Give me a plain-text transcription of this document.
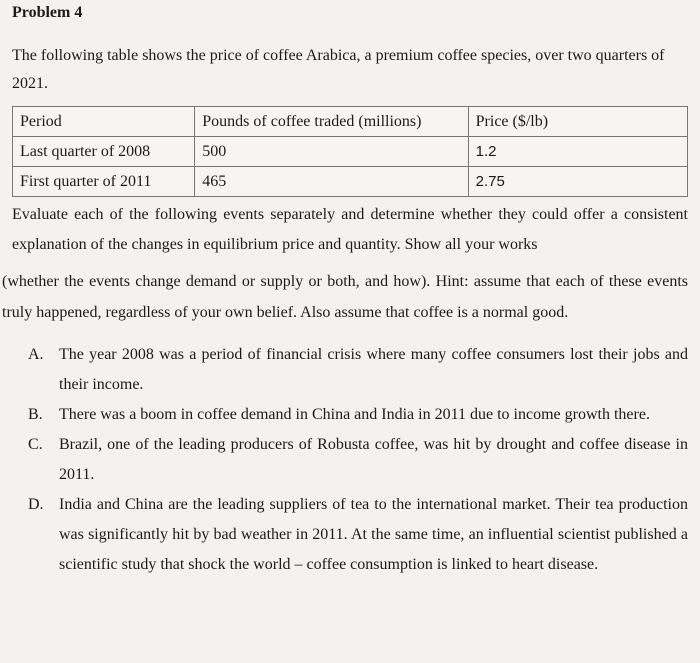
Problem 4
The following table shows the price of coffee Arabica, a premium coffee species, over two quarters of 2021.
Period	Pounds of coffee traded (millions)	Price ($/lb)
Last quarter of 2008	500	1.2
First quarter of 2011	465	2.75
Evaluate each of the following events separately and determine whether they could offer a consistent explanation of the changes in equilibrium price and quantity. Show all your works
(whether the events change demand or supply or both, and how). Hint: assume that each of these events truly happened, regardless of your own belief. Also assume that coffee is a normal good.
A. The year 2008 was a period of financial crisis where many coffee consumers lost their jobs and their income.
B. There was a boom in coffee demand in China and India in 2011 due to income growth there.
C. Brazil, one of the leading producers of Robusta coffee, was hit by drought and coffee disease in 2011.
D. India and China are the leading suppliers of tea to the international market. Their tea production was significantly hit by bad weather in 2011. At the same time, an influential scientist published a scientific study that shock the world – coffee consumption is linked to heart disease.
